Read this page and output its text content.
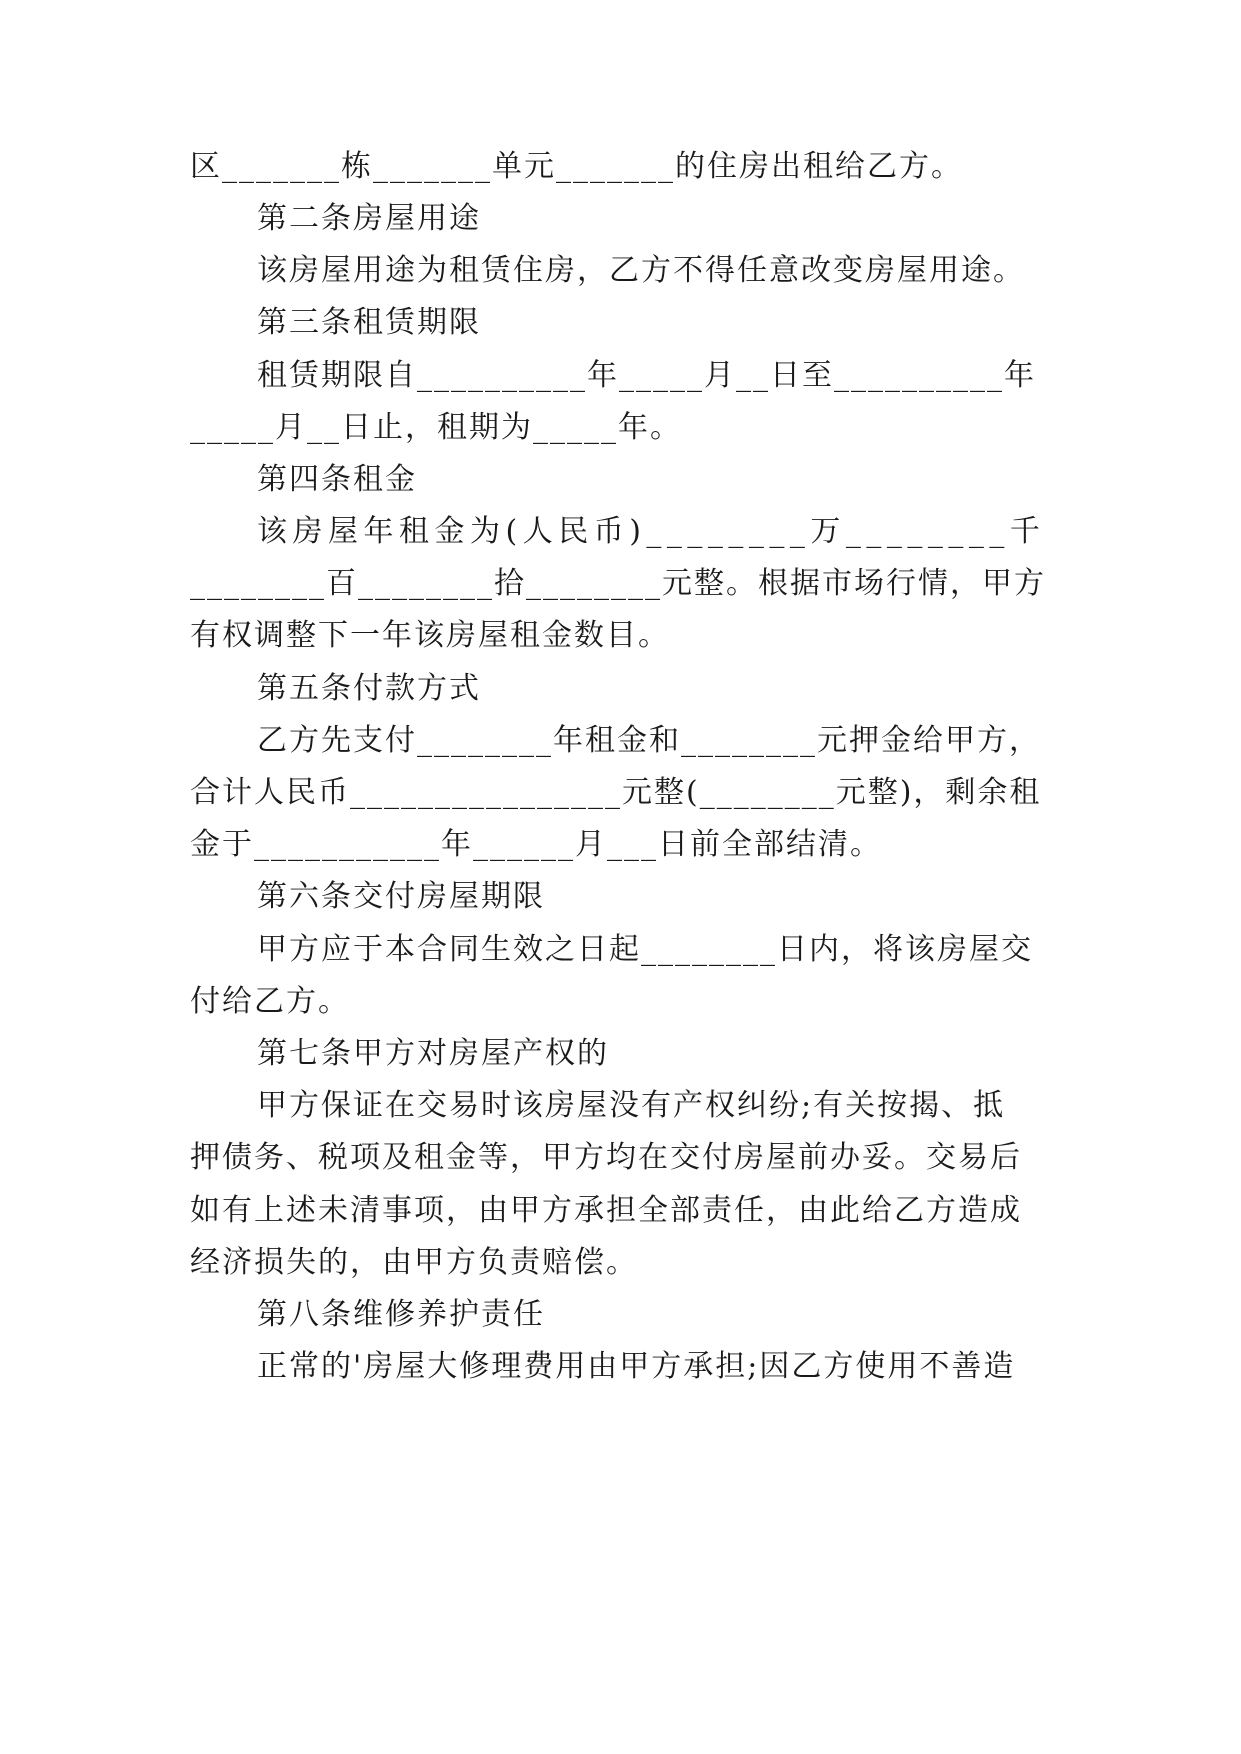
区_______栋_______单元_______的住房出租给乙方。
第二条房屋用途
该房屋用途为租赁住房，乙方不得任意改变房屋用途。
第三条租赁期限
租赁期限自__________年_____月__日至__________年
_____月__日止，租期为_____年。
第四条租金
该房屋年租金为(人民币)________万________千
________百________拾________元整。根据市场行情，甲方
有权调整下一年该房屋租金数目。
第五条付款方式
乙方先支付________年租金和________元押金给甲方，
合计人民币________________元整(________元整)，剩余租
金于___________年______月___日前全部结清。
第六条交付房屋期限
甲方应于本合同生效之日起________日内，将该房屋交
付给乙方。
第七条甲方对房屋产权的
甲方保证在交易时该房屋没有产权纠纷;有关按揭、抵
押债务、税项及租金等，甲方均在交付房屋前办妥。交易后
如有上述未清事项，由甲方承担全部责任，由此给乙方造成
经济损失的，由甲方负责赔偿。
第八条维修养护责任
正常的'房屋大修理费用由甲方承担;因乙方使用不善造
